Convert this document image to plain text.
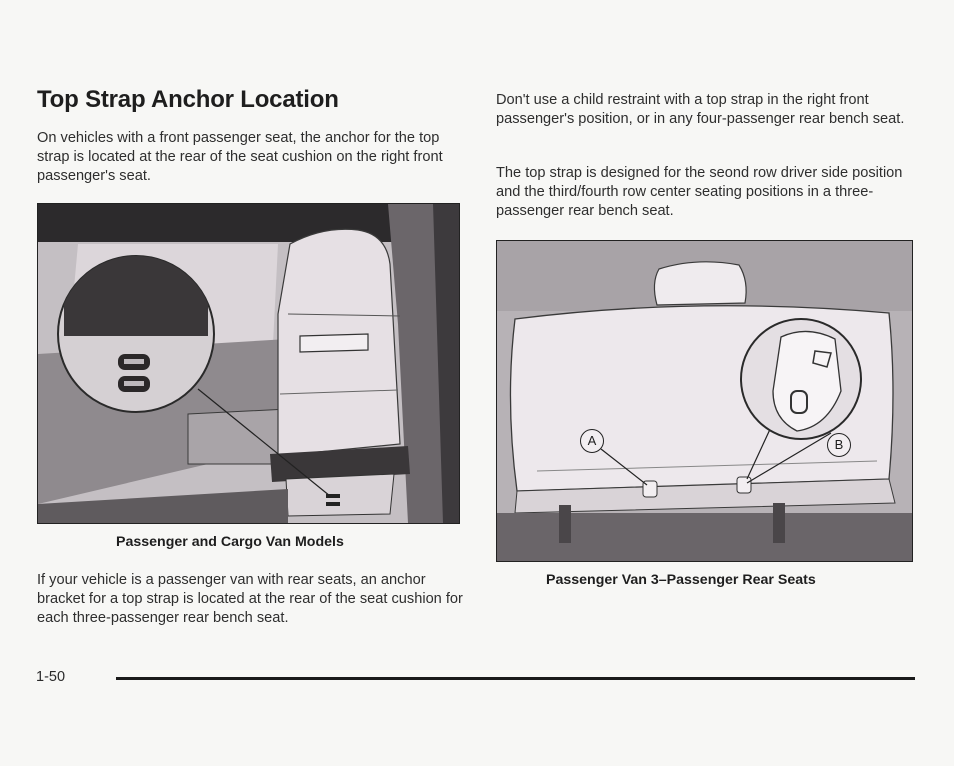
Top Strap Anchor Location

On vehicles with a front passenger seat, the anchor for the top strap is located at the rear of the seat cushion on the right front passenger's seat.

Passenger and Cargo Van Models

If your vehicle is a passenger van with rear seats, an anchor bracket for a top strap is located at the rear of the seat cushion for each three-passenger rear bench seat.

Don't use a child restraint with a top strap in the right front passenger's position, or in any four-passenger rear bench seat.

The top strap is designed for the seond row driver side position and the third/fourth row center seating positions in a three-passenger rear bench seat.

A	B

Passenger Van 3–Passenger Rear Seats

1-50
